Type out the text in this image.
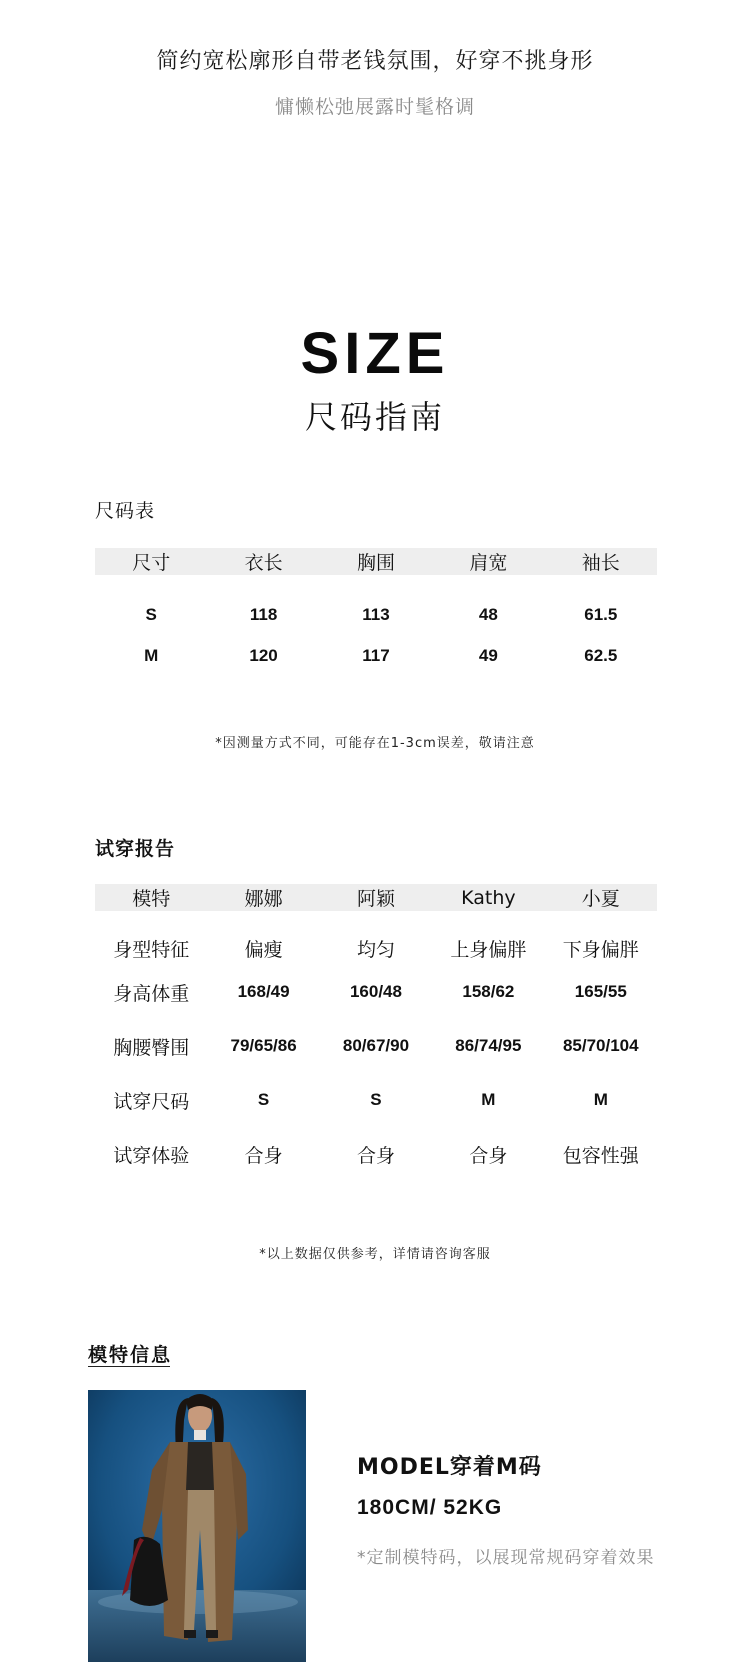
简约宽松廓形自带老钱氛围，好穿不挑身形
慵懒松弛展露时髦格调
SIZE
尺码指南
尺码表
尺寸	衣长	胸围	肩宽	袖长
S	118	113	48	61.5
M	120	117	49	62.5
*因测量方式不同，可能存在1-3cm误差，敬请注意
试穿报告
模特	娜娜	阿颖	Kathy	小夏
身型特征	偏瘦	均匀	上身偏胖	下身偏胖
身高体重	168/49	160/48	158/62	165/55
胸腰臀围	79/65/86	80/67/90	86/74/95	85/70/104
试穿尺码	S	S	M	M
试穿体验	合身	合身	合身	包容性强
*以上数据仅供参考，详情请咨询客服
模特信息
MODEL穿着M码
180CM/ 52KG
*定制模特码，以展现常规码穿着效果
